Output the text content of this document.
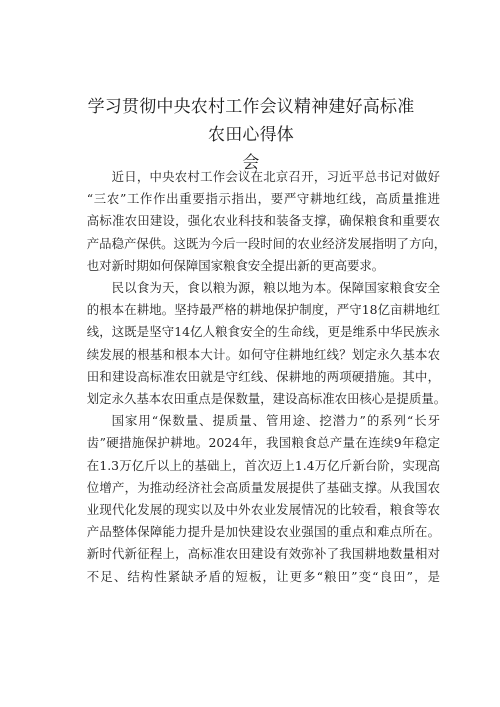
学习贯彻中央农村工作会议精神建好高标准农田心得体
会
近日，中央农村工作会议在北京召开，习近平总书记对做好
“三农”工作作出重要指示指出，要严守耕地红线，高质量推进
高标准农田建设，强化农业科技和装备支撑，确保粮食和重要农
产品稳产保供。这既为今后一段时间的农业经济发展指明了方向，
也对新时期如何保障国家粮食安全提出新的更高要求。
民以食为天，食以粮为源，粮以地为本。保障国家粮食安全
的根本在耕地。坚持最严格的耕地保护制度，严守18亿亩耕地红
线，这既是坚守14亿人粮食安全的生命线，更是维系中华民族永
续发展的根基和根本大计。如何守住耕地红线？划定永久基本农
田和建设高标准农田就是守红线、保耕地的两项硬措施。其中，
划定永久基本农田重点是保数量，建设高标准农田核心是提质量。
国家用“保数量、提质量、管用途、挖潜力”的系列“长牙
齿”硬措施保护耕地。2024年，我国粮食总产量在连续9年稳定
在1.3万亿斤以上的基础上，首次迈上1.4万亿斤新台阶，实现高
位增产，为推动经济社会高质量发展提供了基础支撑。从我国农
业现代化发展的现实以及中外农业发展情况的比较看，粮食等农
产品整体保障能力提升是加快建设农业强国的重点和难点所在。
新时代新征程上，高标准农田建设有效弥补了我国耕地数量相对
不足、结构性紧缺矛盾的短板，让更多“粮田”变“良田”，是
